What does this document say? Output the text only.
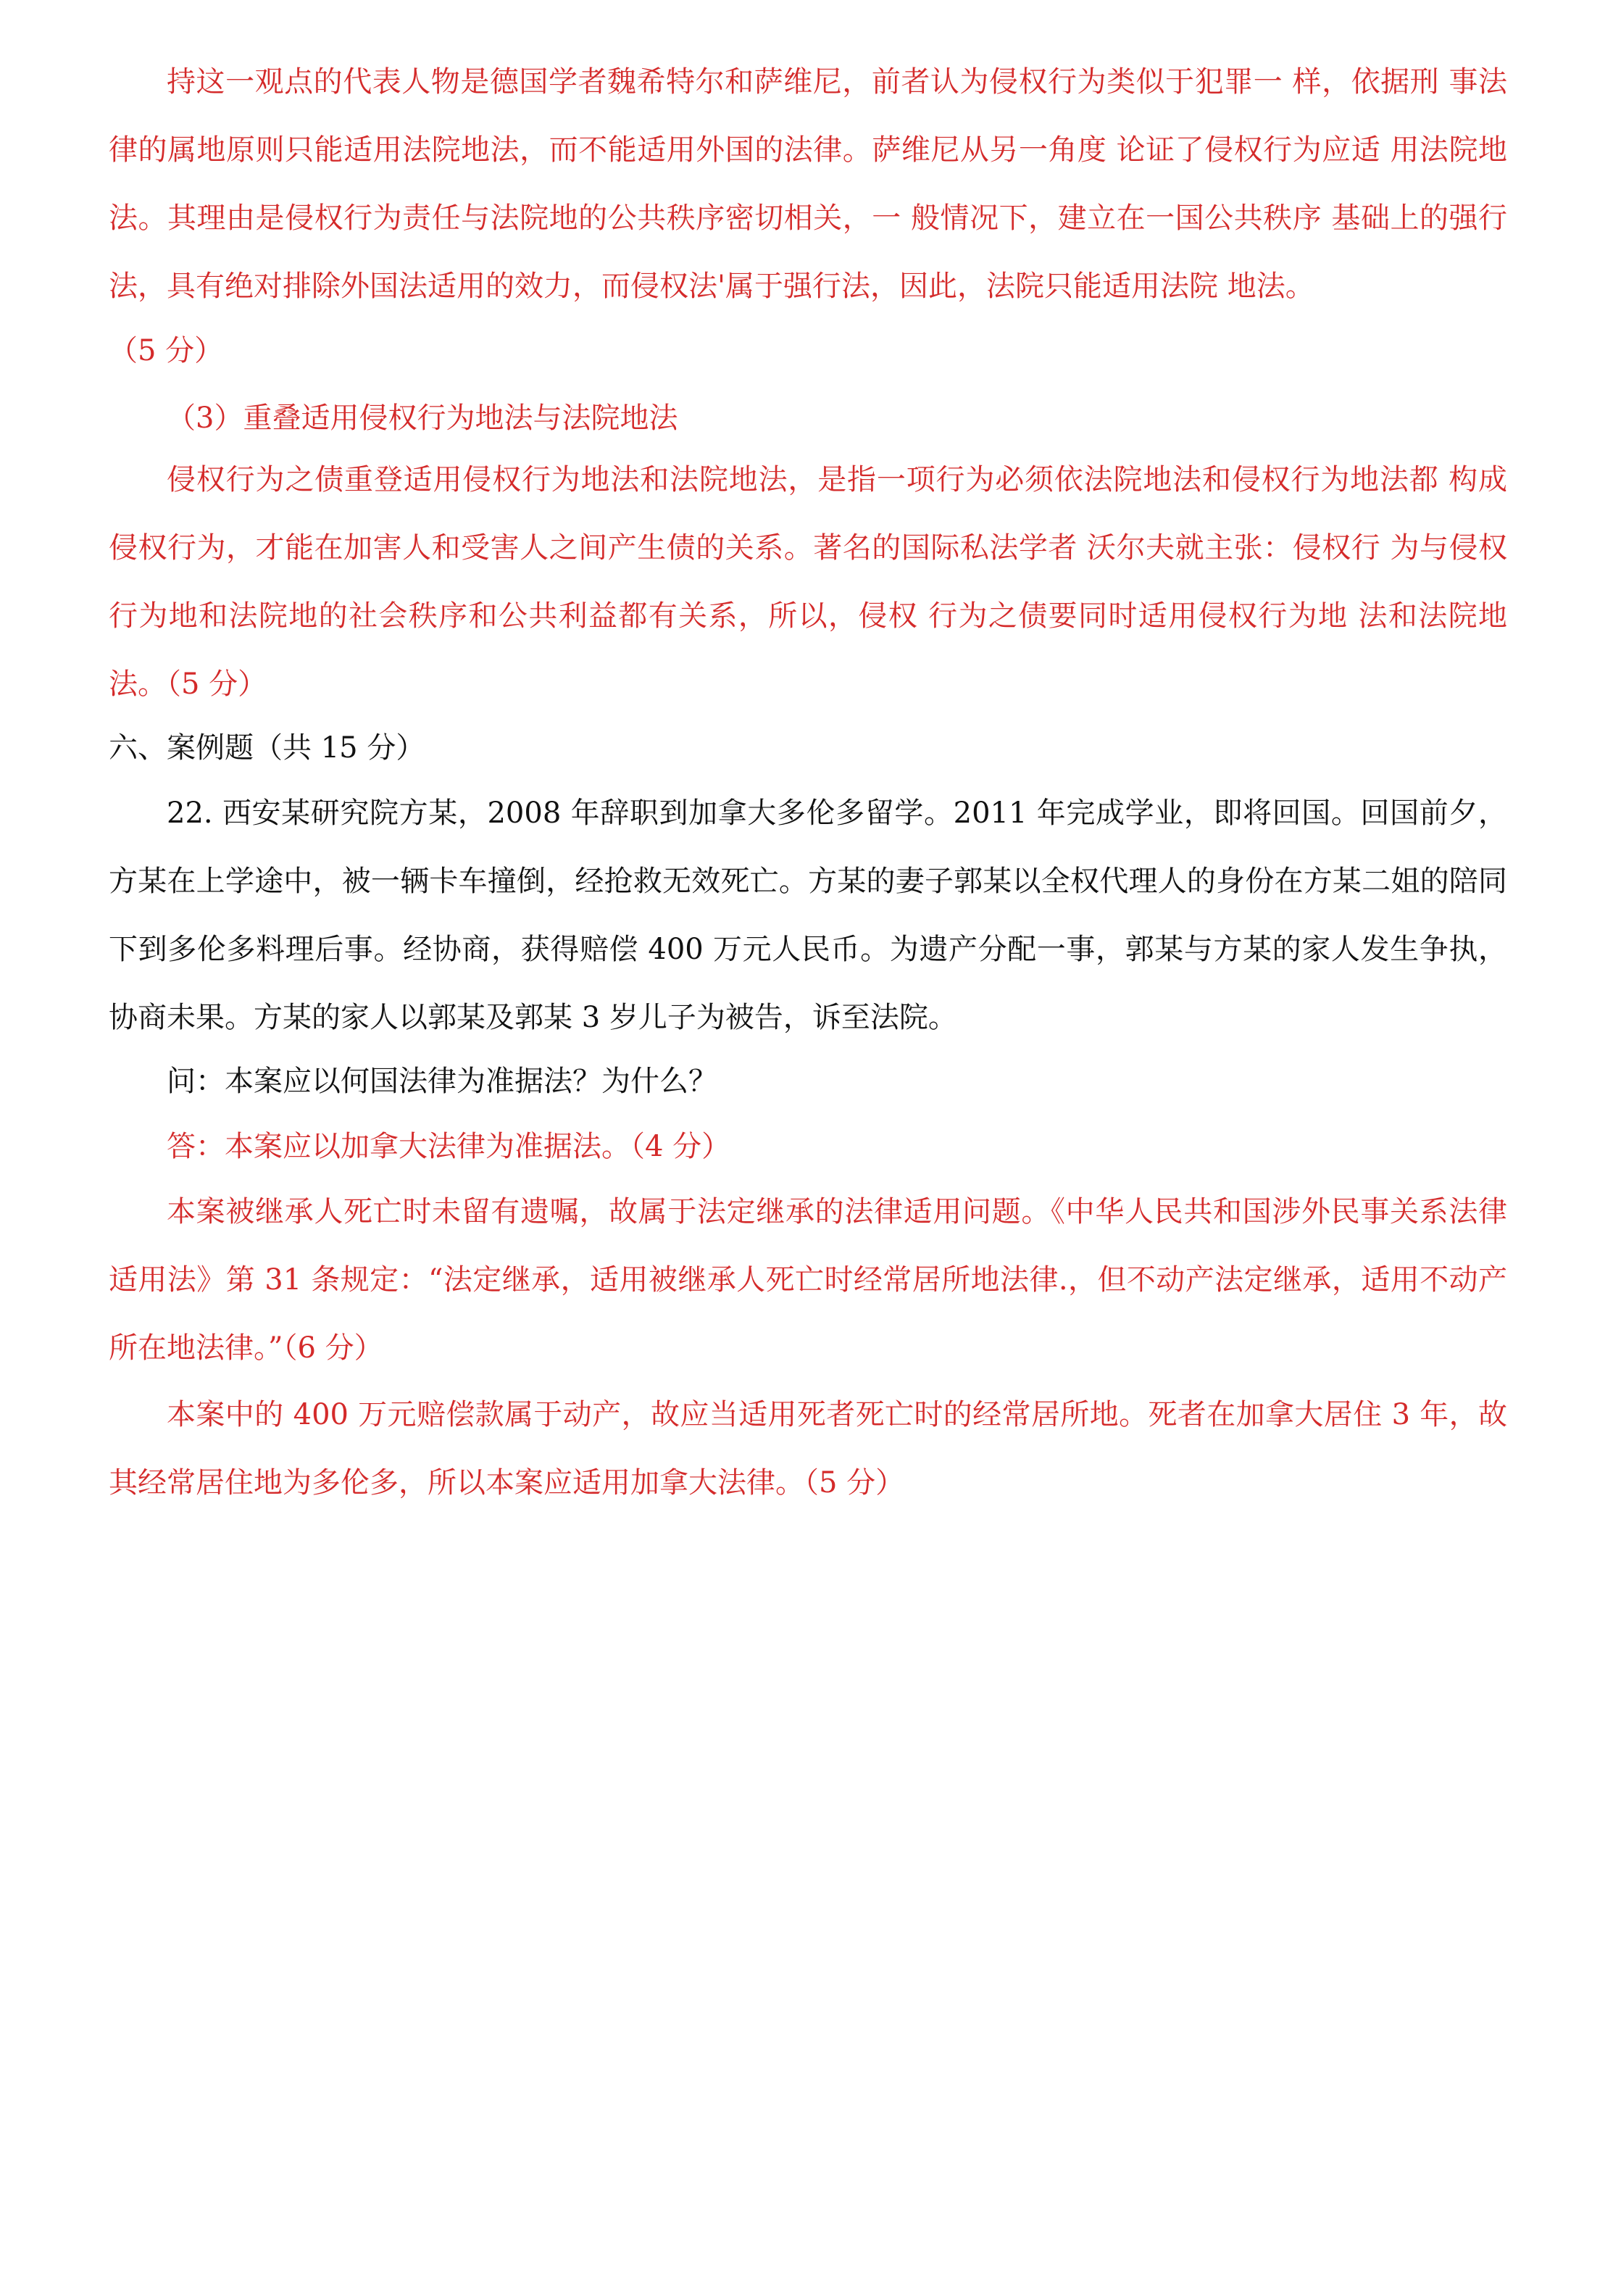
持这一观点的代表人物是德国学者魏希特尔和萨维尼，前者认为侵权行为类似于犯罪一 样，依据刑 事法律的属地原则只能适用法院地法，而不能适用外国的法律。萨维尼从另一角度 论证了侵权行为应适 用法院地法。其理由是侵权行为责任与法院地的公共秩序密切相关，一 般情况下，建立在一国公共秩序 基础上的强行法，具有绝对排除外国法适用的效力，而侵权法'属于强行法，因此，法院只能适用法院 地法。

（5 分）

（3）重叠适用侵权行为地法与法院地法

侵权行为之债重登适用侵权行为地法和法院地法，是指一项行为必须依法院地法和侵权行为地法都 构成侵权行为，才能在加害人和受害人之间产生债的关系。著名的国际私法学者 沃尔夫就主张：侵权行 为与侵权行为地和法院地的社会秩序和公共利益都有关系，所以，侵权 行为之债要同时适用侵权行为地 法和法院地法。（5 分）

六、案例题（共 15 分）

22. 西安某研究院方某，2008 年辞职到加拿大多伦多留学。2011 年完成学业，即将回国。回国前夕，方某在上学途中，被一辆卡车撞倒，经抢救无效死亡。方某的妻子郭某以全权代理人的身份在方某二姐的陪同下到多伦多料理后事。经协商，获得赔偿 400 万元人民币。为遗产分配一事，郭某与方某的家人发生争执，协商未果。方某的家人以郭某及郭某 3 岁儿子为被告，诉至法院。

问：本案应以何国法律为准据法？为什么？

答：本案应以加拿大法律为准据法。（4 分）

本案被继承人死亡时未留有遗嘱，故属于法定继承的法律适用问题。《中华人民共和国涉外民事关系法律适用法》第 31 条规定：“法定继承，适用被继承人死亡时经常居所地法律.，但不动产法定继承，适用不动产所在地法律。”（6 分）

本案中的 400 万元赔偿款属于动产，故应当适用死者死亡时的经常居所地。死者在加拿大居住 3 年，故其经常居住地为多伦多，所以本案应适用加拿大法律。（5 分）
